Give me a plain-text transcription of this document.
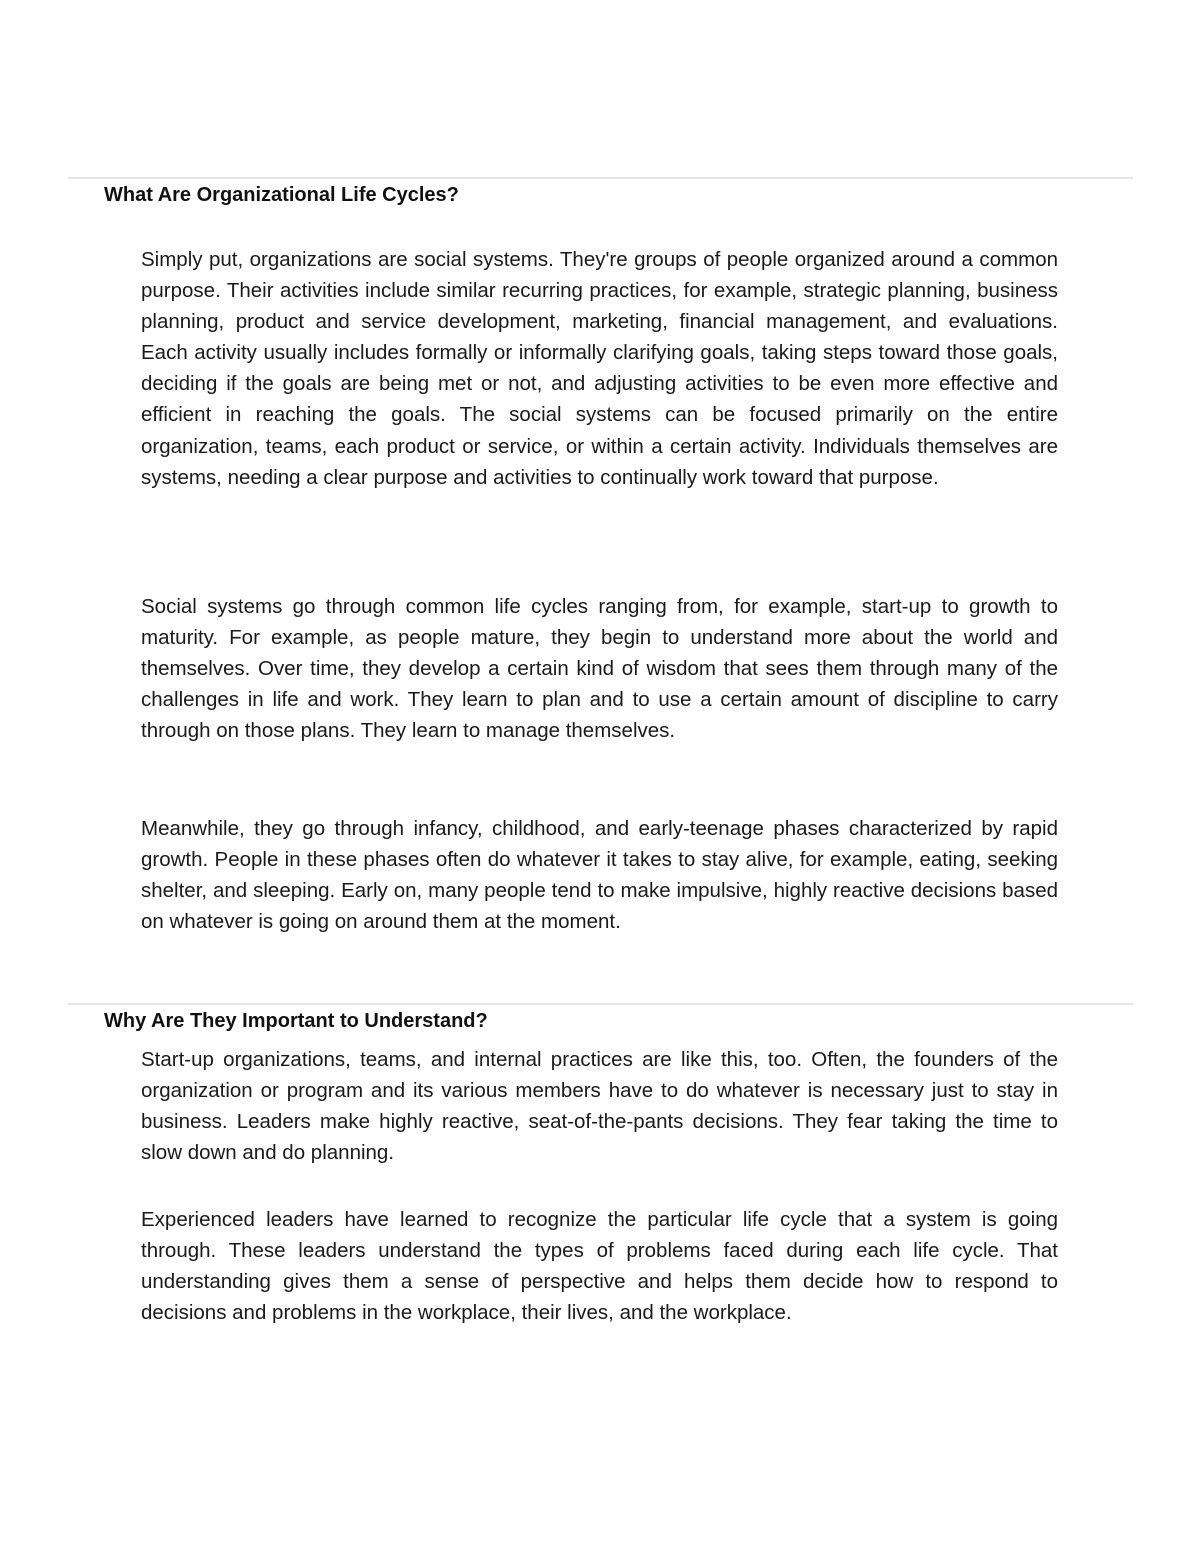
What Are Organizational Life Cycles?

Simply put, organizations are social systems. They're groups of people organized around a common purpose. Their activities include similar recurring practices, for example, strategic planning, business planning, product and service development, marketing, financial management, and evaluations. Each activity usually includes formally or informally clarifying goals, taking steps toward those goals, deciding if the goals are being met or not, and adjusting activities to be even more effective and efficient in reaching the goals. The social systems can be focused primarily on the entire organization, teams, each product or service, or within a certain activity. Individuals themselves are systems, needing a clear purpose and activities to continually work toward that purpose.

Social systems go through common life cycles ranging from, for example, start-up to growth to maturity. For example, as people mature, they begin to understand more about the world and themselves. Over time, they develop a certain kind of wisdom that sees them through many of the challenges in life and work. They learn to plan and to use a certain amount of discipline to carry through on those plans. They learn to manage themselves.

Meanwhile, they go through infancy, childhood, and early-teenage phases characterized by rapid growth. People in these phases often do whatever it takes to stay alive, for example, eating, seeking shelter, and sleeping. Early on, many people tend to make impulsive, highly reactive decisions based on whatever is going on around them at the moment.

Why Are They Important to Understand?

Start-up organizations, teams, and internal practices are like this, too. Often, the founders of the organization or program and its various members have to do whatever is necessary just to stay in business. Leaders make highly reactive, seat-of-the-pants decisions. They fear taking the time to slow down and do planning.

Experienced leaders have learned to recognize the particular life cycle that a system is going through. These leaders understand the types of problems faced during each life cycle. That understanding gives them a sense of perspective and helps them decide how to respond to decisions and problems in the workplace, their lives, and the workplace.
